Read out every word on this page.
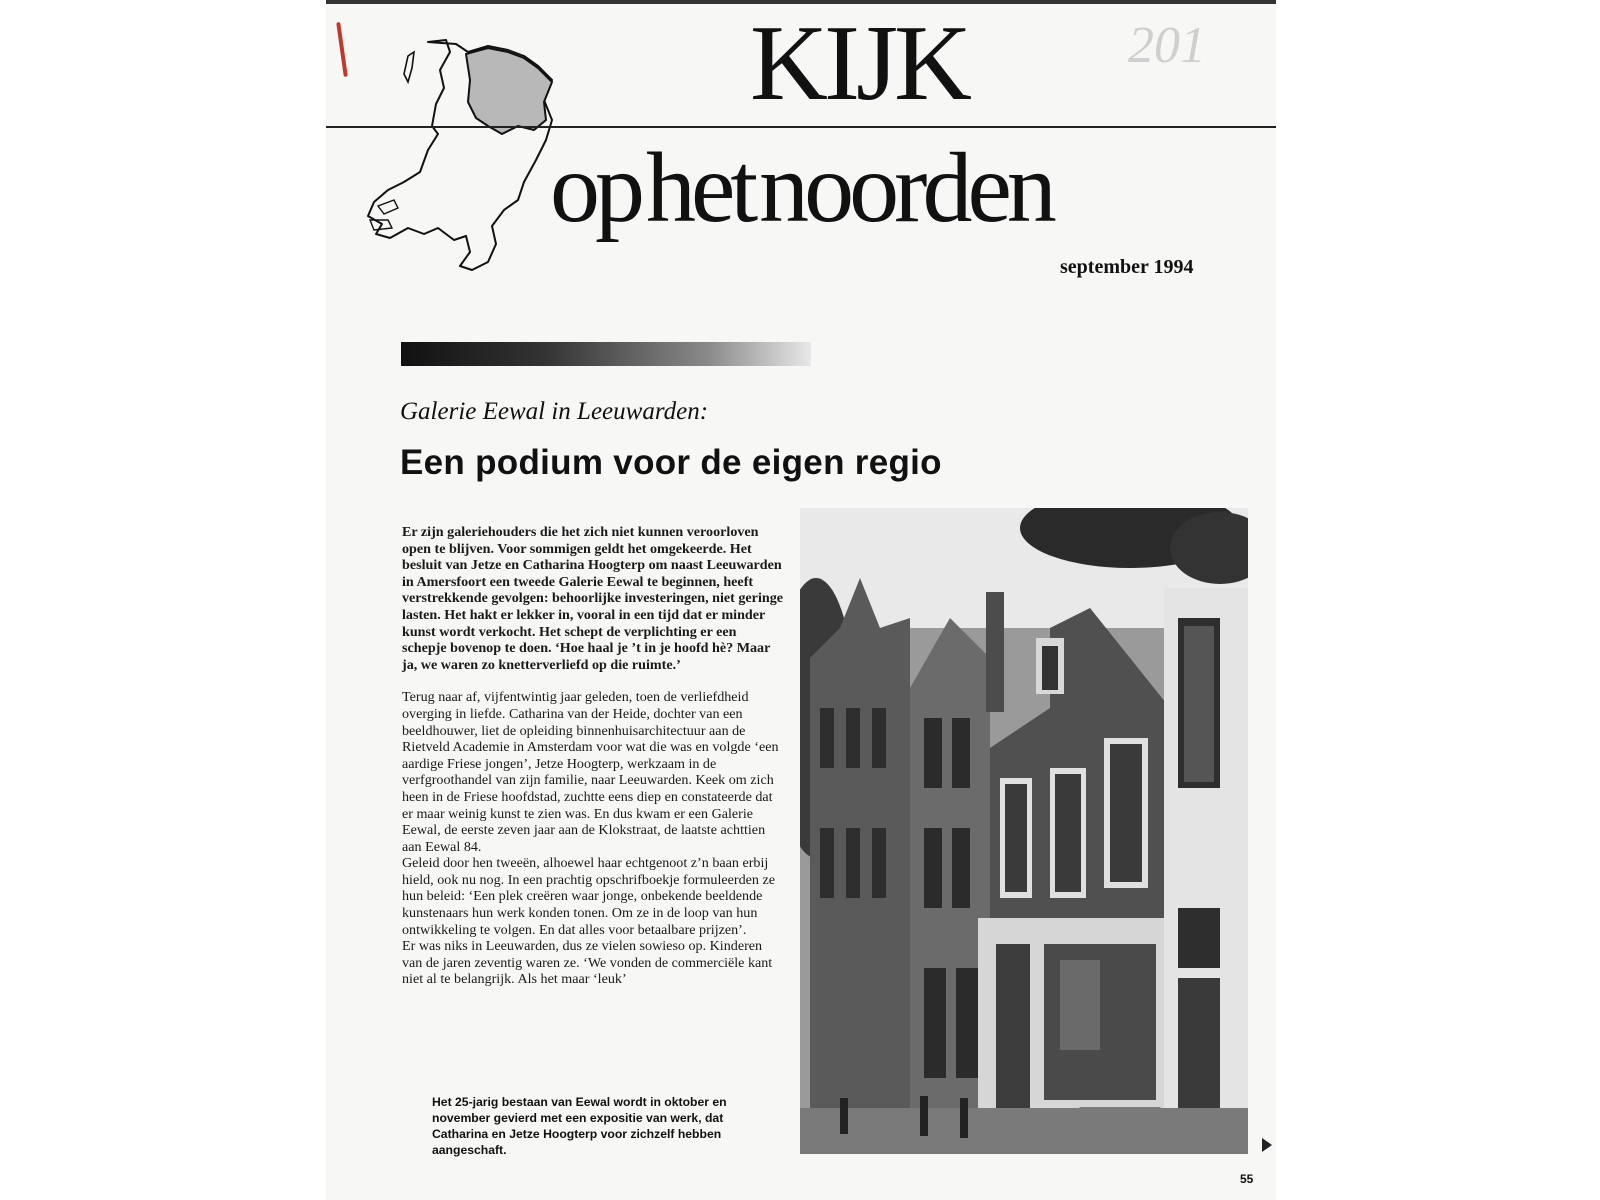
KIJK	201
op het noorden
september 1994
Galerie Eewal in Leeuwarden:
Een podium voor de eigen regio

Er zijn galeriehouders die het zich niet kunnen veroorloven open te blijven. Voor sommigen geldt het omgekeerde. Het besluit van Jetze en Catharina Hoogterp om naast Leeuwarden in Amersfoort een tweede Galerie Eewal te beginnen, heeft verstrekkende gevolgen: behoorlijke investeringen, niet geringe lasten. Het hakt er lekker in, vooral in een tijd dat er minder kunst wordt verkocht. Het schept de verplichting er een schepje bovenop te doen. ‘Hoe haal je ’t in je hoofd hè? Maar ja, we waren zo knetterverliefd op die ruimte.’

Terug naar af, vijfentwintig jaar geleden, toen de verliefdheid overging in liefde. Catharina van der Heide, dochter van een beeldhouwer, liet de opleiding binnenhuisarchitectuur aan de Rietveld Academie in Amsterdam voor wat die was en volgde ‘een aardige Friese jongen’, Jetze Hoogterp, werkzaam in de verfgroothandel van zijn familie, naar Leeuwarden. Keek om zich heen in de Friese hoofdstad, zuchtte eens diep en constateerde dat er maar weinig kunst te zien was. En dus kwam er een Galerie Eewal, de eerste zeven jaar aan de Klokstraat, de laatste achttien aan Eewal 84.

Geleid door hen tweeën, alhoewel haar echtgenoot z’n baan erbij hield, ook nu nog. In een prachtig opschrifboekje formuleerden ze hun beleid: ‘Een plek creëren waar jonge, onbekende beeldende kunstenaars hun werk konden tonen. Om ze in de loop van hun ontwikkeling te volgen. En dat alles voor betaalbare prijzen’.

Er was niks in Leeuwarden, dus ze vielen sowieso op. Kinderen van de jaren zeventig waren ze. ‘We vonden de commerciële kant niet al te belangrijk. Als het maar ‘leuk’

Het 25-jarig bestaan van Eewal wordt in oktober en november gevierd met een expositie van werk, dat Catharina en Jetze Hoogterp voor zichzelf hebben aangeschaft.
55
